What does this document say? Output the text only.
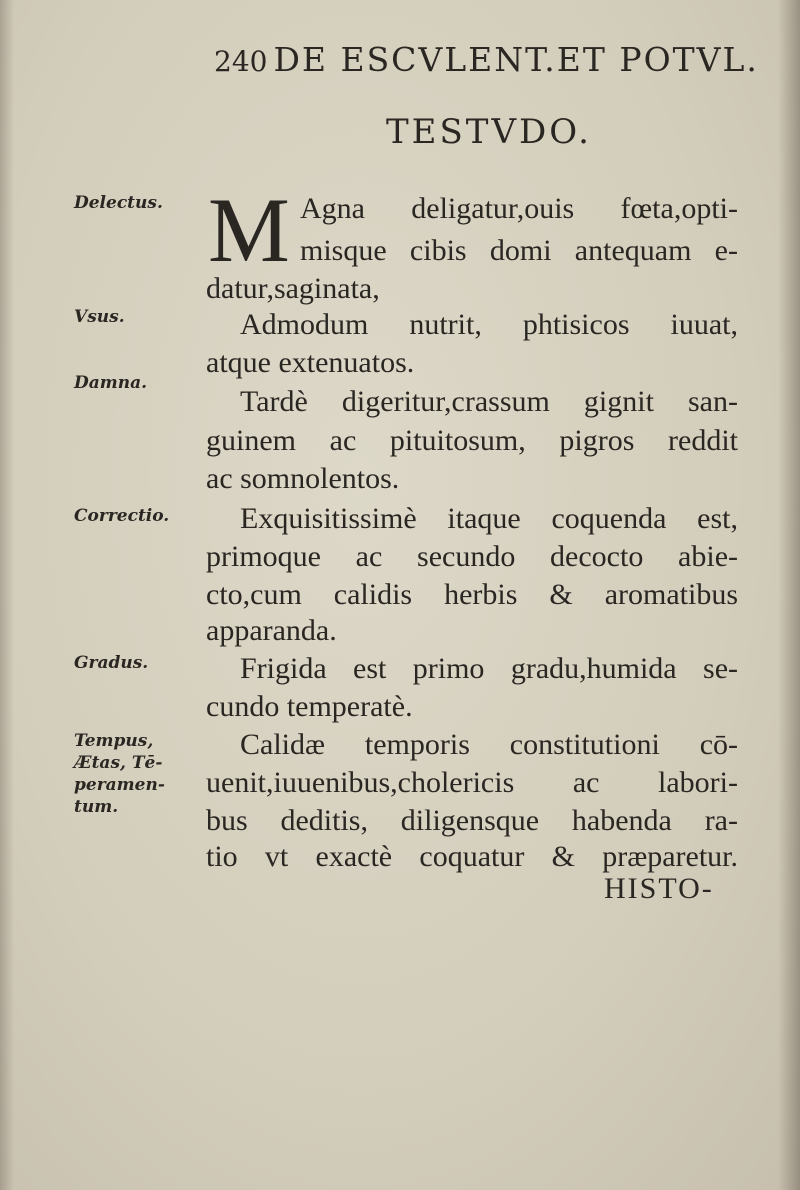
240 DE ESCVLENT.ET POTVL.
TESTVDO.
Delectus.
Vsus.
Damna.
Correctio.
Gradus.
Tempus,
Ætas, Tē-
peramen-
tum.
M Agna deligatur,ouis fœta,opti-
misque cibis domi antequam e-
datur,saginata,
Admodum nutrit, phtisicos iuuat,
atque extenuatos.
Tardè digeritur,crassum gignit san-
guinem ac pituitosum, pigros reddit
ac somnolentos.
Exquisitissimè itaque coquenda est,
primoque ac secundo decocto abie-
cto,cum calidis herbis & aromatibus
apparanda.
Frigida est primo gradu,humida se-
cundo temperatè.
Calidæ temporis constitutioni cō-
uenit,iuuenibus,cholericis ac labori-
bus deditis, diligensque habenda ra-
tio vt exactè coquatur & præparetur.
HISTO-
